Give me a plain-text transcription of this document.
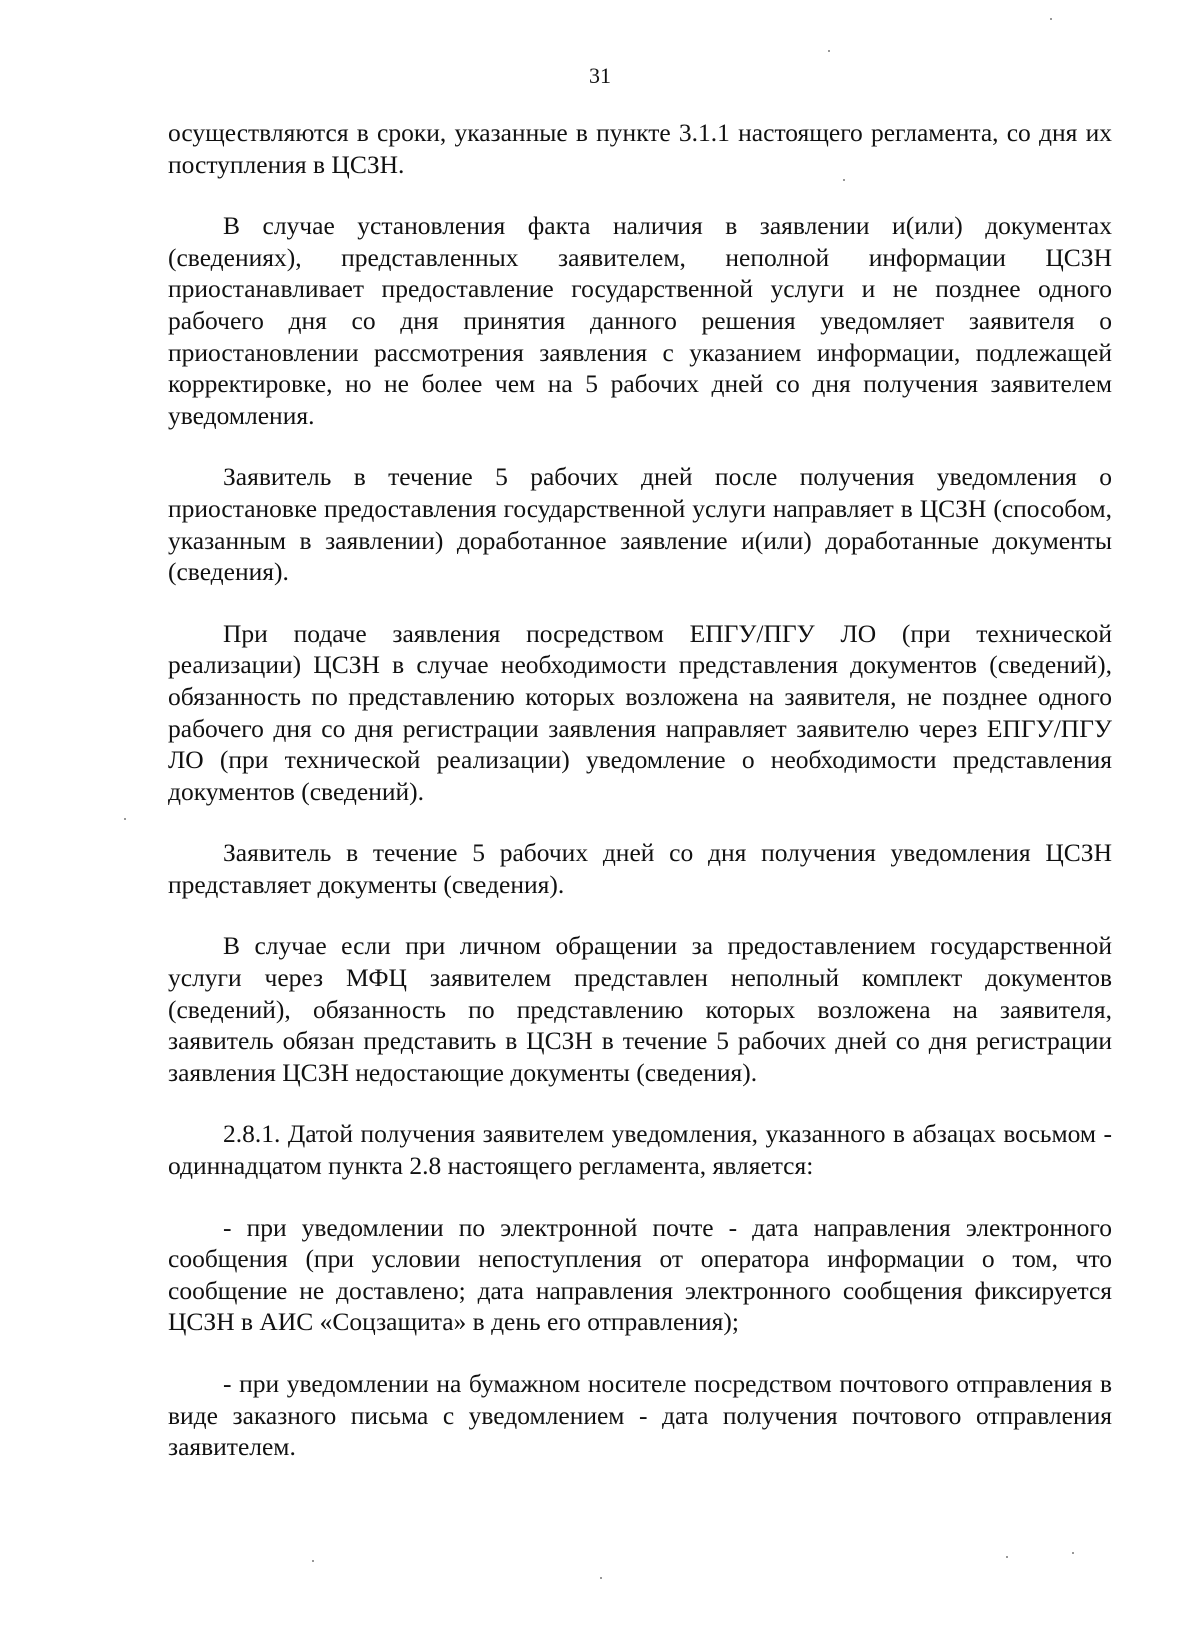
31

осуществляются в сроки, указанные в пункте 3.1.1 настоящего регламента, со дня их поступления в ЦСЗН.

В случае установления факта наличия в заявлении и(или) документах (сведениях), представленных заявителем, неполной информации ЦСЗН приостанавливает предоставление государственной услуги и не позднее одного рабочего дня со дня принятия данного решения уведомляет заявителя о приостановлении рассмотрения заявления с указанием информации, подлежащей корректировке, но не более чем на 5 рабочих дней со дня получения заявителем уведомления.

Заявитель в течение 5 рабочих дней после получения уведомления о приостановке предоставления государственной услуги направляет в ЦСЗН (способом, указанным в заявлении) доработанное заявление и(или) доработанные документы (сведения).

При подаче заявления посредством ЕПГУ/ПГУ ЛО (при технической реализации) ЦСЗН в случае необходимости представления документов (сведений), обязанность по представлению которых возложена на заявителя, не позднее одного рабочего дня со дня регистрации заявления направляет заявителю через ЕПГУ/ПГУ ЛО (при технической реализации) уведомление о необходимости представления документов (сведений).

Заявитель в течение 5 рабочих дней со дня получения уведомления ЦСЗН представляет документы (сведения).

В случае если при личном обращении за предоставлением государственной услуги через МФЦ заявителем представлен неполный комплект документов (сведений), обязанность по представлению которых возложена на заявителя, заявитель обязан представить в ЦСЗН в течение 5 рабочих дней со дня регистрации заявления ЦСЗН недостающие документы (сведения).

2.8.1. Датой получения заявителем уведомления, указанного в абзацах восьмом - одиннадцатом пункта 2.8 настоящего регламента, является:

- при уведомлении по электронной почте - дата направления электронного сообщения (при условии непоступления от оператора информации о том, что сообщение не доставлено; дата направления электронного сообщения фиксируется ЦСЗН в АИС «Соцзащита» в день его отправления);

- при уведомлении на бумажном носителе посредством почтового отправления в виде заказного письма с уведомлением - дата получения почтового отправления заявителем.
